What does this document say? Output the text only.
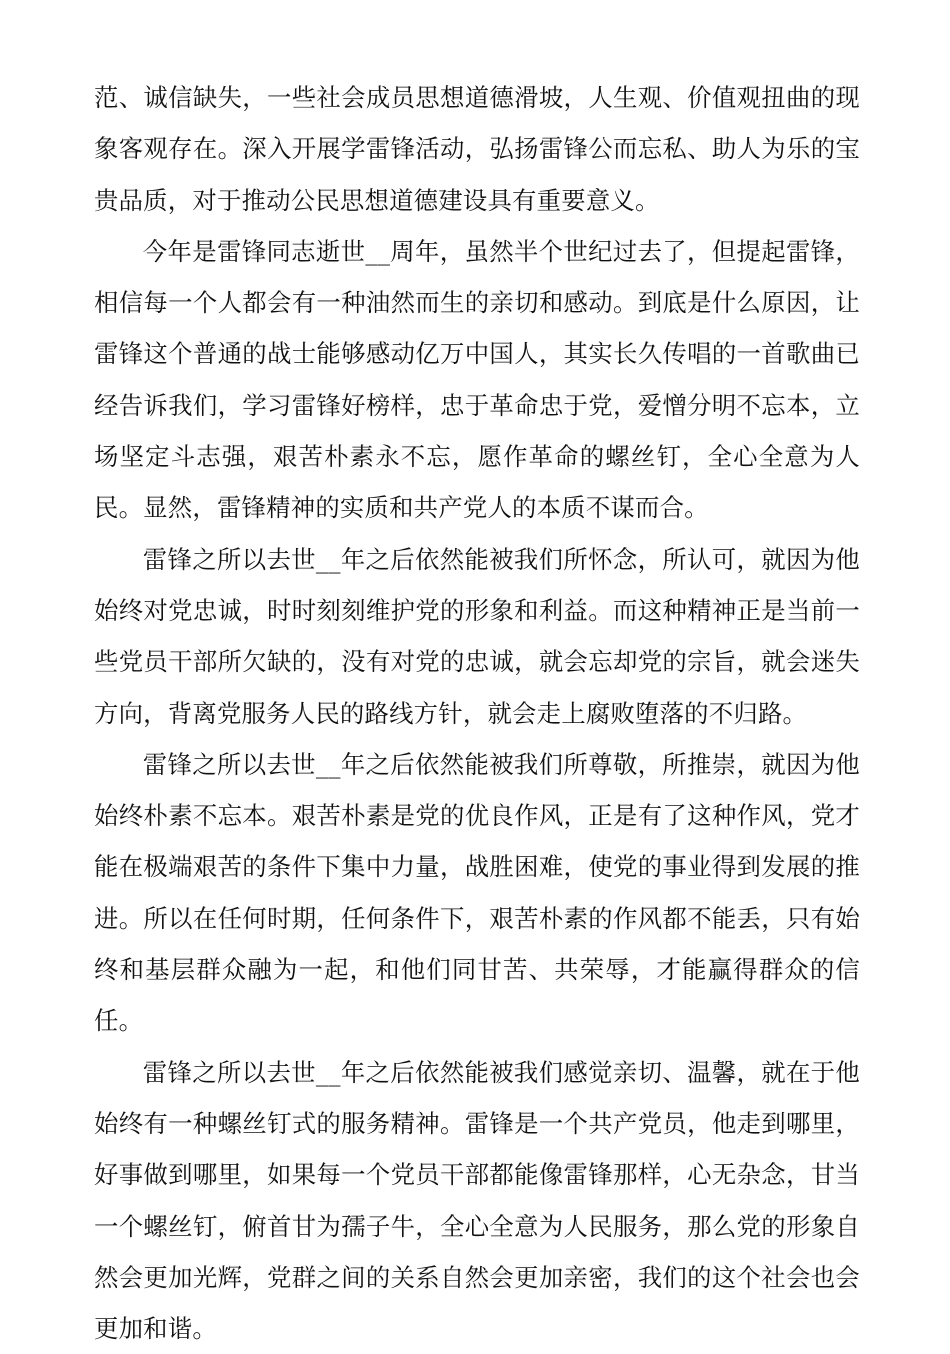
范、诚信缺失，一些社会成员思想道德滑坡，人生观、价值观扭曲的现象客观存在。深入开展学雷锋活动，弘扬雷锋公而忘私、助人为乐的宝贵品质，对于推动公民思想道德建设具有重要意义。

今年是雷锋同志逝世__周年，虽然半个世纪过去了，但提起雷锋，相信每一个人都会有一种油然而生的亲切和感动。到底是什么原因，让雷锋这个普通的战士能够感动亿万中国人，其实长久传唱的一首歌曲已经告诉我们，学习雷锋好榜样，忠于革命忠于党，爱憎分明不忘本，立场坚定斗志强，艰苦朴素永不忘，愿作革命的螺丝钉，全心全意为人民。显然，雷锋精神的实质和共产党人的本质不谋而合。

雷锋之所以去世__年之后依然能被我们所怀念，所认可，就因为他始终对党忠诚，时时刻刻维护党的形象和利益。而这种精神正是当前一些党员干部所欠缺的，没有对党的忠诚，就会忘却党的宗旨，就会迷失方向，背离党服务人民的路线方针，就会走上腐败堕落的不归路。

雷锋之所以去世__年之后依然能被我们所尊敬，所推崇，就因为他始终朴素不忘本。艰苦朴素是党的优良作风，正是有了这种作风，党才能在极端艰苦的条件下集中力量，战胜困难，使党的事业得到发展的推进。所以在任何时期，任何条件下，艰苦朴素的作风都不能丢，只有始终和基层群众融为一起，和他们同甘苦、共荣辱，才能赢得群众的信任。

雷锋之所以去世__年之后依然能被我们感觉亲切、温馨，就在于他始终有一种螺丝钉式的服务精神。雷锋是一个共产党员，他走到哪里，好事做到哪里，如果每一个党员干部都能像雷锋那样，心无杂念，甘当一个螺丝钉，俯首甘为孺子牛，全心全意为人民服务，那么党的形象自然会更加光辉，党群之间的关系自然会更加亲密，我们的这个社会也会更加和谐。
